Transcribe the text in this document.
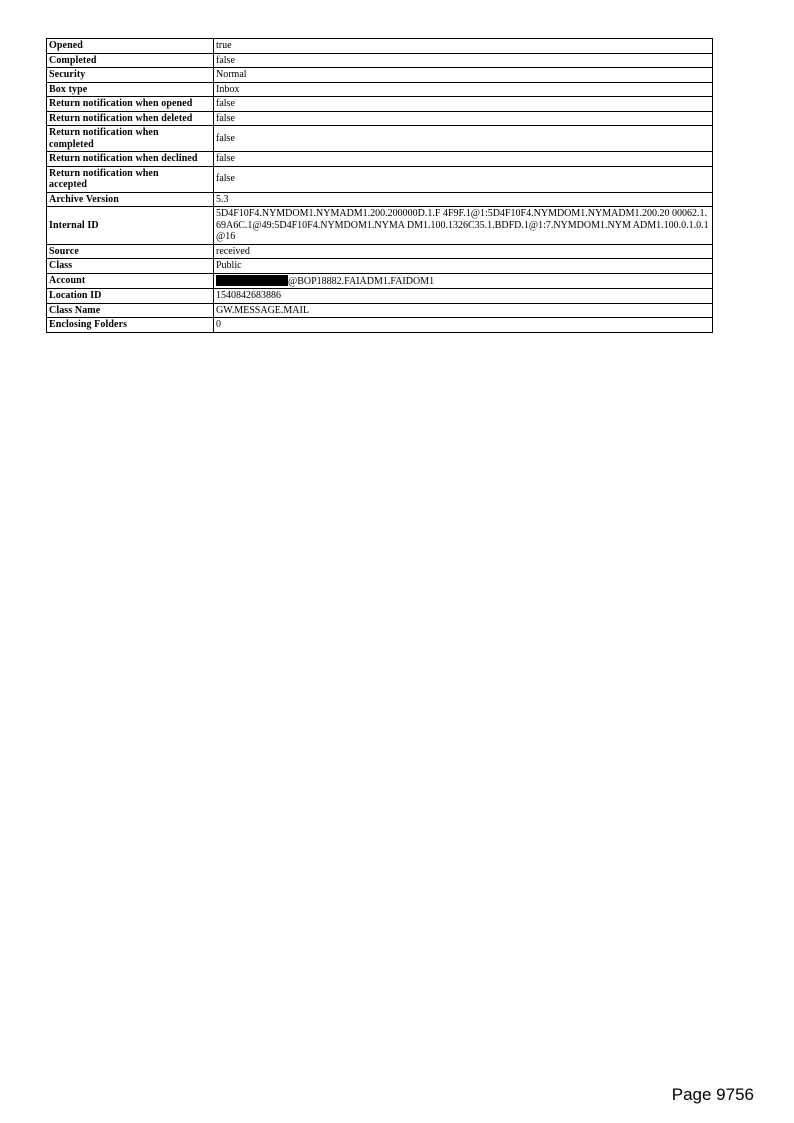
Opened	true
Completed	false
Security	Normal
Box type	Inbox
Return notification when opened	false
Return notification when deleted	false
Return notification when completed	false
Return notification when declined	false
Return notification when accepted	false
Archive Version	5.3
Internal ID	5D4F10F4.NYMDOM1.NYMADM1.200.200000D.1.F 4F9F.1@1:5D4F10F4.NYMDOM1.NYMADM1.200.20 00062.1.69A6C.1@49:5D4F10F4.NYMDOM1.NYMA DM1.100.1326C35.1.BDFD.1@1:7.NYMDOM1.NYM ADM1.100.0.1.0.1@16
Source	received
Class	Public
Account	@BOP18882.FAIADM1.FAIDOM1
Location ID	1540842683886
Class Name	GW.MESSAGE.MAIL
Enclosing Folders	0
Page 9756
